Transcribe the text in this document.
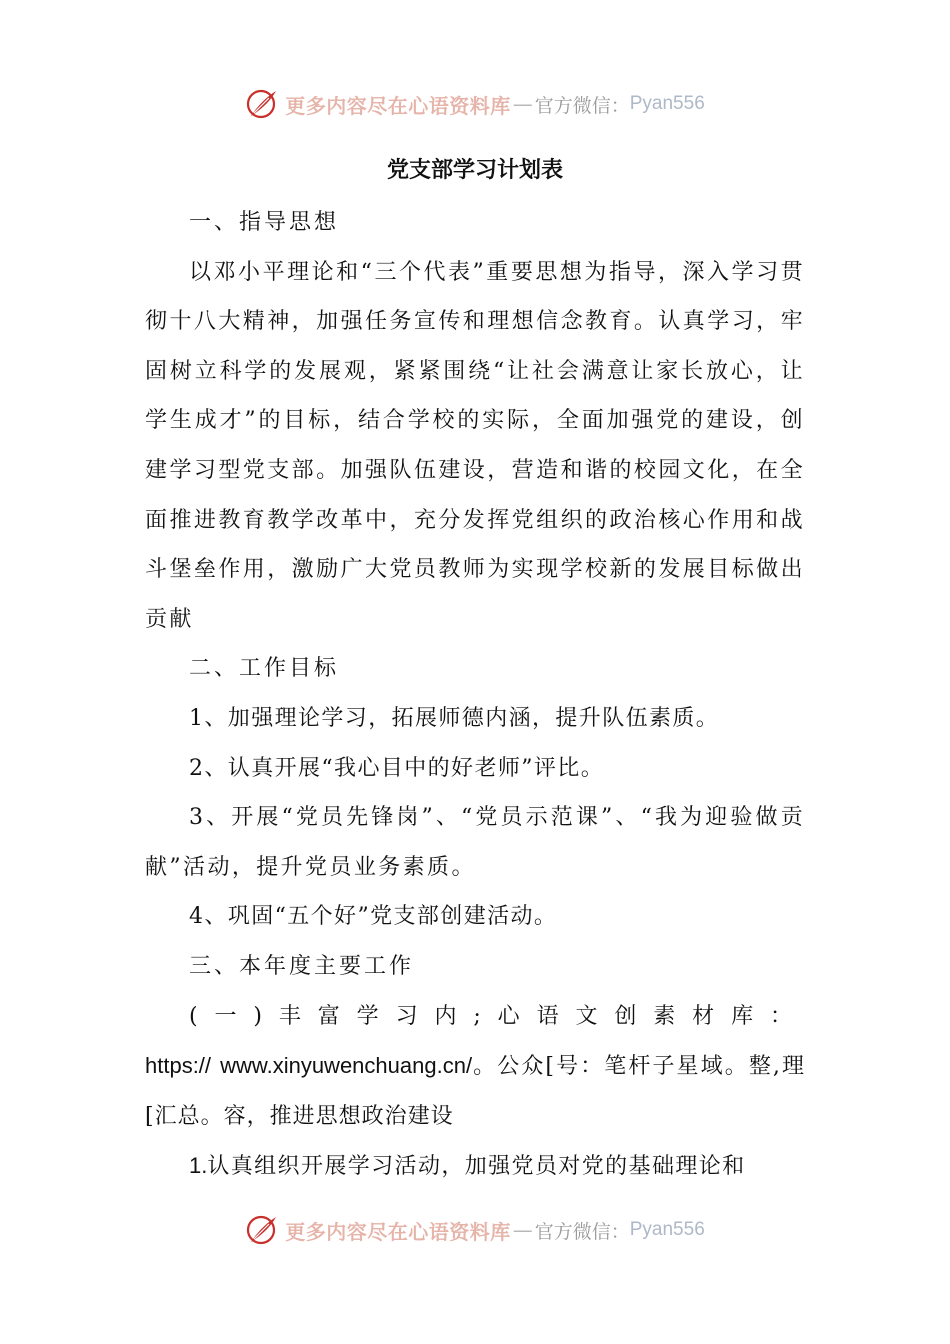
更多内容尽在心语资料库 — 官方微信： Pyan556
党支部学习计划表

一、指导思想

以邓小平理论和“三个代表”重要思想为指导，深入学习贯彻十八大精神，加强任务宣传和理想信念教育。认真学习，牢固树立科学的发展观，紧紧围绕“让社会满意让家长放心，让学生成才”的目标，结合学校的实际，全面加强党的建设，创建学习型党支部。加强队伍建设，营造和谐的校园文化，在全面推进教育教学改革中，充分发挥党组织的政治核心作用和战斗堡垒作用，激励广大党员教师为实现学校新的发展目标做出贡献

二、工作目标

1、加强理论学习，拓展师德内涵，提升队伍素质。

2、认真开展“我心目中的好老师”评比。

3、开展“党员先锋岗”、“党员示范课”、“我为迎验做贡献”活动，提升党员业务素质。

4、巩固“五个好”党支部创建活动。

三、本年度主要工作

(一)丰富学习内;心语文创素材库：https:// www.xinyuwenchuang.cn/。公众[号：笔杆子星域。整,理[汇总。容，推进思想政治建设

1.认真组织开展学习活动，加强党员对党的基础理论和

更多内容尽在心语资料库 — 官方微信： Pyan556
